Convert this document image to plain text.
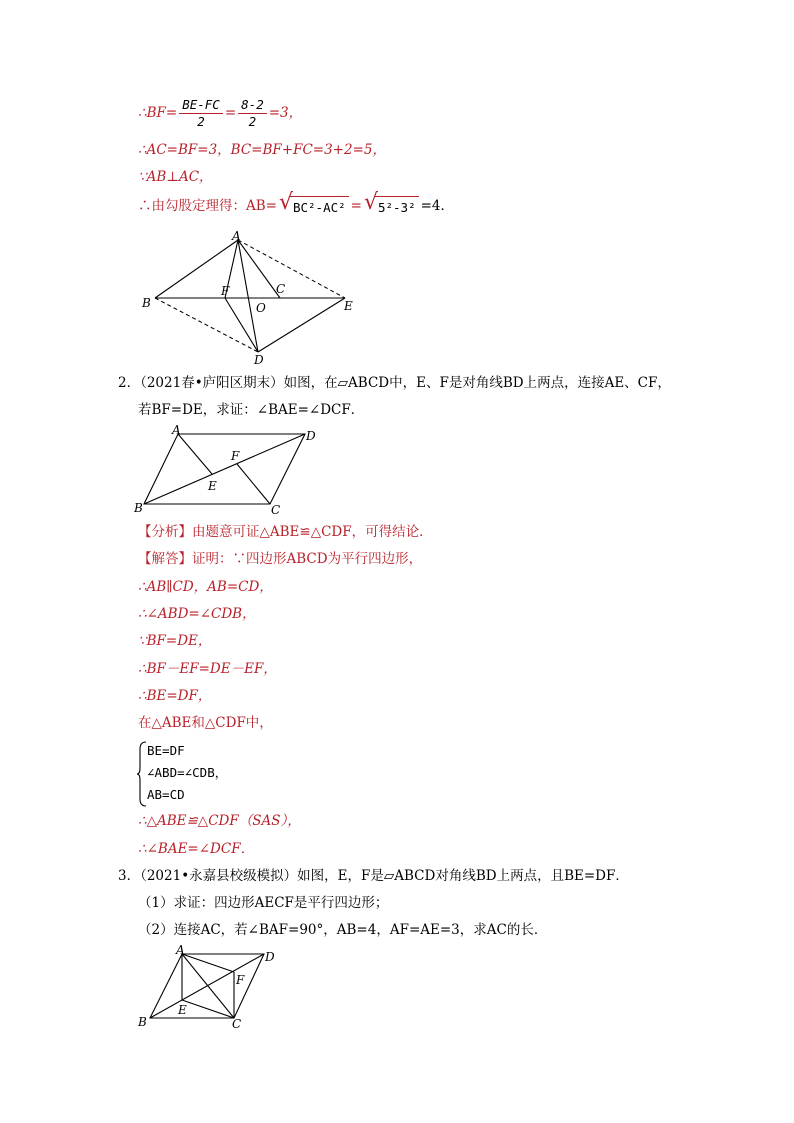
∴BF= $\frac{BE-FC}{2} = \frac{8-2}{2} =3$，
∴AC=BF=3，BC=BF+FC=3+2=5，
∵AB⊥AC，
∴由勾股定理得：AB= √ BC²-AC² = √ 5²-3² =4．
A
B
C
D
E
F
O
2．（2021春•庐阳区期末）如图，在▱ABCD中，E、F是对角线BD上两点，连接AE、CF，
若BF=DE，求证：∠BAE=∠DCF．
A
B	C
D
E
F
【分析】由题意可证△ABE≌△CDF，可得结论．
【解答】证明：∵四边形ABCD为平行四边形，
∴AB∥CD，AB=CD，
∴∠ABD=∠CDB，
∵BF=DE，
∴BF－EF=DE－EF，
∴BE=DF，
在△ABE和△CDF中，
BE=DF
∠ABD=∠CDB，
AB=CD
∴△ABE≌△CDF（SAS），
∴∠BAE=∠DCF．
3．（2021•永嘉县校级模拟）如图，E，F是▱ABCD对角线BD上两点，且BE=DF．
（1）求证：四边形AECF是平行四边形；
（2）连接AC，若∠BAF=90°，AB=4，AF=AE=3，求AC的长．
A
B	C
D
E
F
